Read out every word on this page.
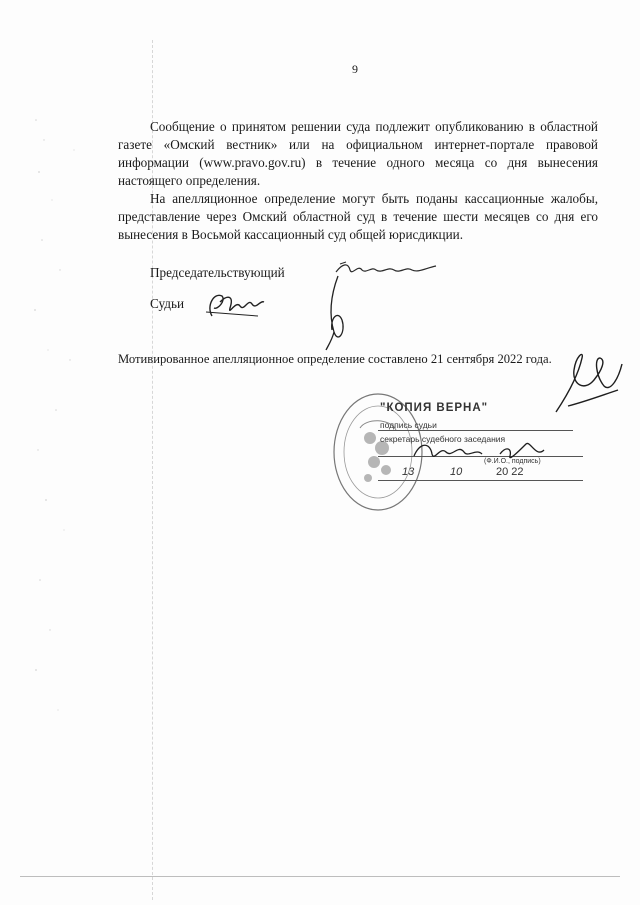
9

Сообщение о принятом решении суда подлежит опубликованию в областной газете «Омский вестник» или на официальном интернет-портале правовой информации (www.pravo.gov.ru) в течение одного месяца со дня вынесения настоящего определения.

На апелляционное определение могут быть поданы кассационные жалобы, представление через Омский областной суд в течение шести месяцев со дня его вынесения в Восьмой кассационный суд общей юрисдикции.

Председательствующий
Судьи
Мотивированное апелляционное определение составлено 21 сентября 2022 года.
"КОПИЯ ВЕРНА"
подпись судьи
секретарь судебного заседания
(Ф.И.О., подпись)
13	10	20 22
